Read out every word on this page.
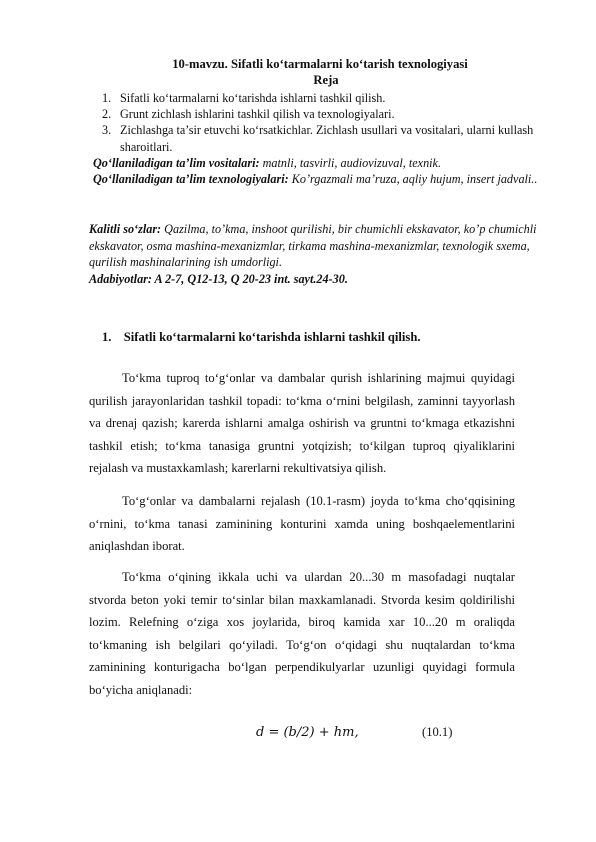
10-mavzu. Sifatli ko‘tarmalarni ko‘tarish texnologiyasi
Reja
1. Sifatli ko‘tarmalarni ko‘tarishda ishlarni tashkil qilish.
2. Grunt zichlash ishlarini tashkil qilish va texnologiyalari.
3. Zichlashga ta’sir etuvchi ko‘rsatkichlar. Zichlash usullari va vositalari, ularni kullash sharoitlari.
Qo‘llaniladigan ta’lim vositalari: matnli, tasvirli, audiovizuval, texnik.
Qo‘llaniladigan ta’lim texnologiyalari: Ko’rgazmali ma’ruza, aqliy hujum, insert jadvali..
Kalitli so‘zlar: Qazilma, to’kma, inshoot qurilishi, bir chumichli ekskavator, ko’p chumichli ekskavator, osma mashina-mexanizmlar, tirkama mashina-mexanizmlar, texnologik sxema, qurilish mashinalarining ish umdorligi.
Adabiyotlar: A 2-7, Q12-13, Q 20-23 int. sayt.24-30.
1. Sifatli ko‘tarmalarni ko‘tarishda ishlarni tashkil qilish.
To‘kma tuproq to‘g‘onlar va dambalar qurish ishlarining majmui quyidagi qurilish jarayonlaridan tashkil topadi: to‘kma o‘rnini belgilash, zaminni tayyorlash va drenaj qazish; karerda ishlarni amalga oshirish va gruntni to‘kmaga etkazishni tashkil etish; to‘kma tanasiga gruntni yotqizish; to‘kilgan tuproq qiyaliklarini rejalash va mustaxkamlash; karerlarni rekultivatsiya qilish.
To‘g‘onlar va dambalarni rejalash (10.1-rasm) joyda to‘kma cho‘qqisining o‘rnini, to‘kma tanasi zaminining konturini xamda uning boshqaelementlarini aniqlashdan iborat.
To‘kma o‘qining ikkala uchi va ulardan 20...30 m masofadagi nuqtalar stvorda beton yoki temir to‘sinlar bilan maxkamlanadi. Stvorda kesim qoldirilishi lozim. Relefning o‘ziga xos joylarida, biroq kamida xar 10...20 m oraliqda to‘kmaning ish belgilari qo‘yiladi. To‘g‘on o‘qidagi shu nuqtalardan to‘kma zaminining konturigacha bo‘lgan perpendikulyarlar uzunligi quyidagi formula bo‘yicha aniqlanadi:
d = (b/2) + hm,	(10.1)
